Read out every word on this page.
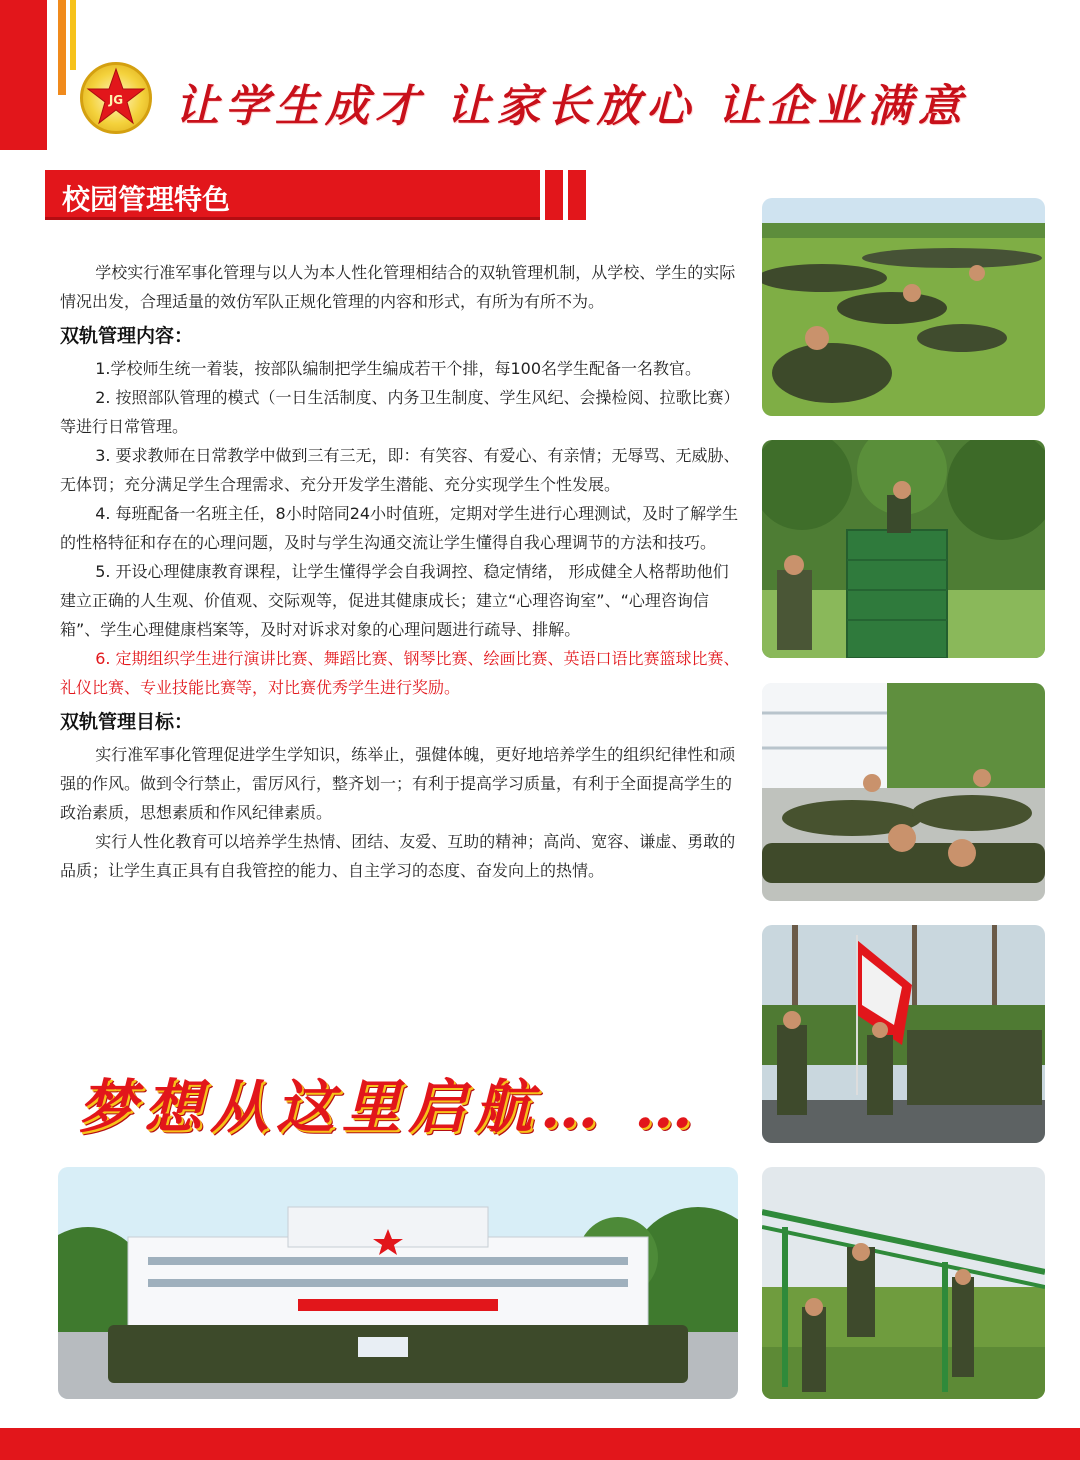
JG	让学生成才 让家长放心 让企业满意
校园管理特色

学校实行准军事化管理与以人为本人性化管理相结合的双轨管理机制，从学校、学生的实际情况出发，合理适量的效仿军队正规化管理的内容和形式，有所为有所不为。

双轨管理内容：

1.学校师生统一着装，按部队编制把学生编成若干个排，每100名学生配备一名教官。

2. 按照部队管理的模式（一日生活制度、内务卫生制度、学生风纪、会操检阅、拉歌比赛）等进行日常管理。

3. 要求教师在日常教学中做到三有三无，即：有笑容、有爱心、有亲情；无辱骂、无威胁、无体罚；充分满足学生合理需求、充分开发学生潜能、充分实现学生个性发展。

4. 每班配备一名班主任，8小时陪同24小时值班，定期对学生进行心理测试，及时了解学生的性格特征和存在的心理问题，及时与学生沟通交流让学生懂得自我心理调节的方法和技巧。

5. 开设心理健康教育课程，让学生懂得学会自我调控、稳定情绪， 形成健全人格帮助他们建立正确的人生观、价值观、交际观等，促进其健康成长；建立“心理咨询室”、“心理咨询信箱”、学生心理健康档案等，及时对诉求对象的心理问题进行疏导、排解。

6. 定期组织学生进行演讲比赛、舞蹈比赛、钢琴比赛、绘画比赛、英语口语比赛篮球比赛、礼仪比赛、专业技能比赛等，对比赛优秀学生进行奖励。

双轨管理目标：

实行准军事化管理促进学生学知识，练举止，强健体魄，更好地培养学生的组织纪律性和顽强的作风。做到令行禁止，雷厉风行，整齐划一；有利于提高学习质量，有利于全面提高学生的政治素质，思想素质和作风纪律素质。

实行人性化教育可以培养学生热情、团结、友爱、互助的精神；高尚、宽容、谦虚、勇敢的品质；让学生真正具有自我管控的能力、自主学习的态度、奋发向上的热情。

梦想从这里启航… …
